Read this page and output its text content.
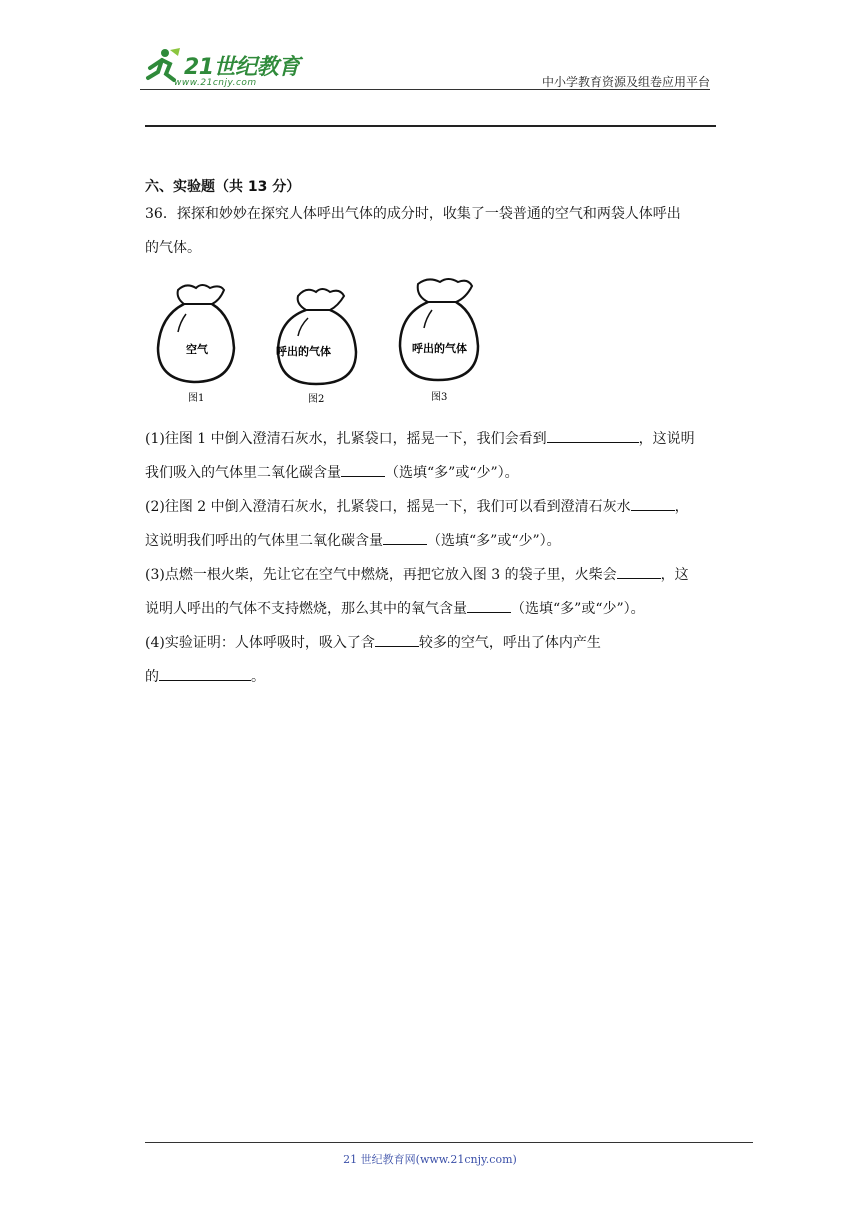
21世纪教育
www.21cnjy.com	中小学教育资源及组卷应用平台
六、实验题（共 13 分）
36．探探和妙妙在探究人体呼出气体的成分时，收集了一袋普通的空气和两袋人体呼出
的气体。
空气
图1
呼出的气体
图2
呼出的气体
图3
(1)往图 1 中倒入澄清石灰水，扎紧袋口，摇晃一下，我们会看到	，这说明
我们吸入的气体里二氧化碳含量	（选填“多”或“少”）。
(2)往图 2 中倒入澄清石灰水，扎紧袋口，摇晃一下，我们可以看到澄清石灰水	，
这说明我们呼出的气体里二氧化碳含量	（选填“多”或“少”）。
(3)点燃一根火柴，先让它在空气中燃烧，再把它放入图 3 的袋子里，火柴会	，这
说明人呼出的气体不支持燃烧，那么其中的氧气含量	（选填“多”或“少”）。
(4)实验证明：人体呼吸时，吸入了含	较多的空气，呼出了体内产生
的	。
21 世纪教育网(www.21cnjy.com)
